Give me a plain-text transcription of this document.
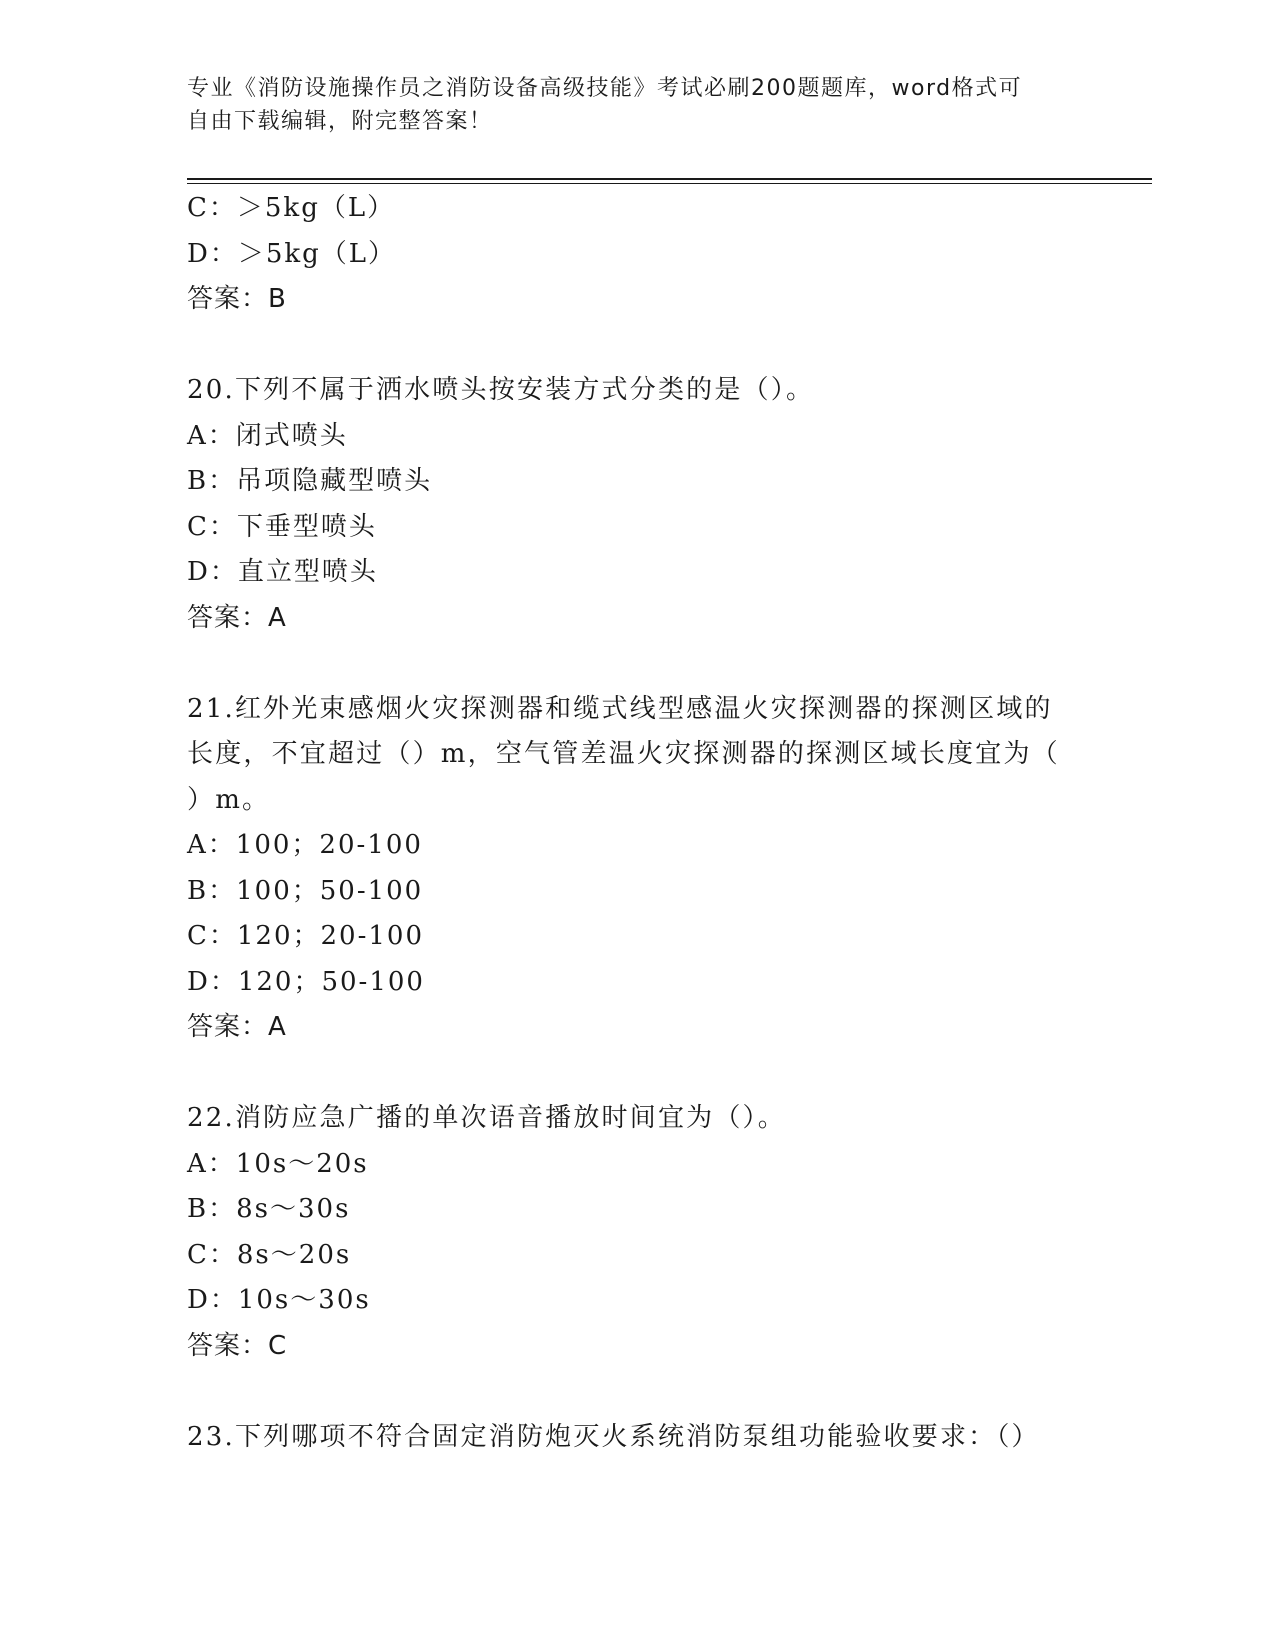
专业《消防设施操作员之消防设备高级技能》考试必刷200题题库，word格式可
自由下载编辑，附完整答案！
C：＞5kg（L）
D：＞5kg（L）
答案：B
20.下列不属于洒水喷头按安装方式分类的是（）。
A：闭式喷头
B：吊项隐藏型喷头
C：下垂型喷头
D：直立型喷头
答案：A
21.红外光束感烟火灾探测器和缆式线型感温火灾探测器的探测区域的
长度，不宜超过（）m，空气管差温火灾探测器的探测区域长度宜为（
）m。
A：100；20-100
B：100；50-100
C：120；20-100
D：120；50-100
答案：A
22.消防应急广播的单次语音播放时间宜为（）。
A：10s～20s
B：8s～30s
C：8s～20s
D：10s～30s
答案：C
23.下列哪项不符合固定消防炮灭火系统消防泵组功能验收要求：（）
